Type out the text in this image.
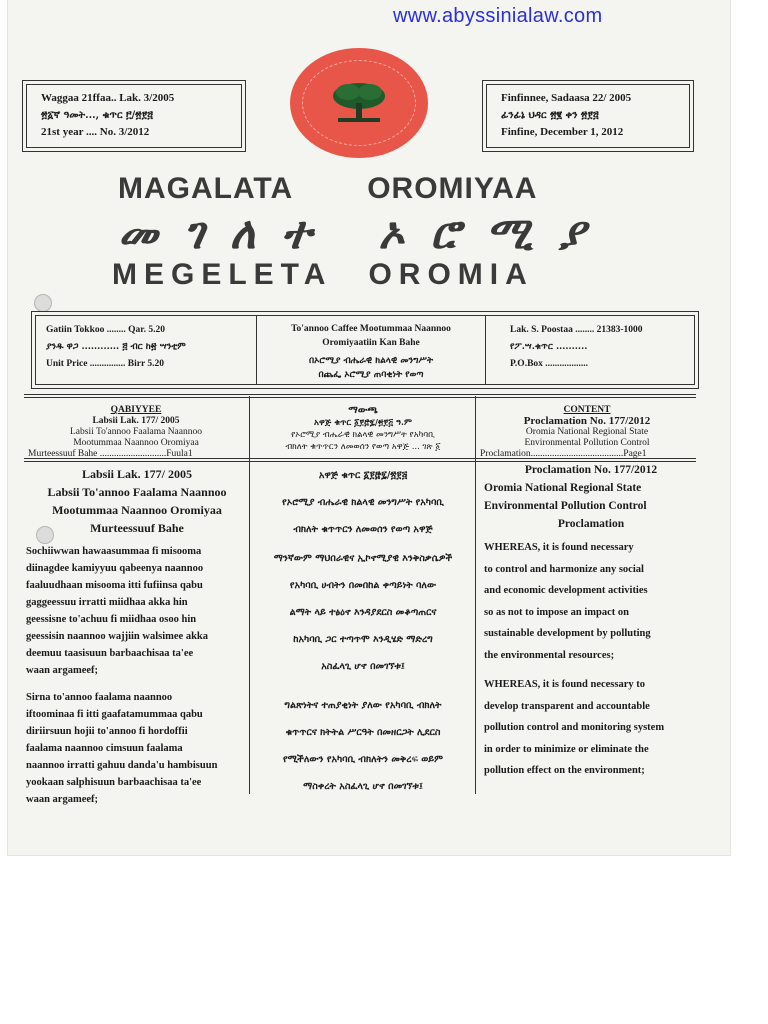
www.abyssinialaw.com
Waggaa 21ffaa.. Lak. 3/2005
፳፩ኛ ዓመት..., ቁጥር ፫/፳፻፭
21st year .... No. 3/2012
Finfinnee, Sadaasa 22/ 2005
ፊንፊኔ ህዳር ፳፪ ቀን ፳፻፭
Finfine, December 1, 2012
MAGALATA OROMIYAA
መገለተ ኦሮሚያ
MEGELETA OROMIA
Gatiin Tokkoo ........ Qar. 5.20
ያንዱ ዋጋ ............ ፭ ብር ከ፳ ሣንቲም
Unit Price ............... Birr 5.20
To'annoo Caffee Mootummaa Naannoo
Oromiyaatiin Kan Bahe
በኦሮሚያ ብሔራዊ ክልላዊ መንግሥት
በጨፌ ኦሮሚያ ጠባቂነት የወጣ
Lak. S. Poostaa ........ 21383-1000
የፖ.ሣ.ቁጥር ..........
P.O.Box ..................
QABIYYEE
Labsii Lak. 177/ 2005
Labsii To'annoo Faalama Naannoo
Mootummaa Naannoo Oromiyaa
Murteessuuf Bahe ............................Fuula1
ማውጫ
አዋጅ ቁጥር ፩፻፸፯/፳፻፭ ዓ.ም
የኦሮሚያ ብሔራዊ ክልላዊ መንግሥት የአካባቢ
ብክለት ቁጥጥርን ለመወሰን የወጣ አዋጅ ... ገጽ ፩
CONTENT
Proclamation No. 177/2012
Oromia National Regional State
Environmental Pollution Control
Proclamation.......................................Page1
Labsii Lak. 177/ 2005
Labsii To'annoo Faalama Naannoo
Mootummaa Naannoo Oromiyaa
Murteessuuf Bahe
Sochiiwwan hawaasummaa fi misooma
diinagdee kamiyyuu qabeenya naannoo
faaluudhaan misooma itti fufiinsa qabu
gaggeessuu irratti miidhaa akka hin
geessisne to'achuu fi miidhaa osoo hin
geessisin naannoo wajjiin walsimee akka
deemuu taasisuun barbaachisaa ta'ee
waan argameef;
Sirna to'annoo faalama naannoo
iftoominaa fi itti gaafatamummaa qabu
diriirsuun hojii to'annoo fi hordoffii
faalama naannoo cimsuun faalama
naannoo irratti gahuu danda'u hambisuun
yookaan salphisuun barbaachisaa ta'ee
waan argameef;
አዋጅ ቁጥር ፩፻፸፯/፳፻፭
የኦሮሚያ ብሔራዊ ክልላዊ መንግሥት የአካባቢ
ብክለት ቁጥጥርን ለመወሰን የወጣ አዋጅ
ማንኛውም ማህበራዊና ኢኮኖሚያዊ እንቅስቃሴዎች
የአካባቢ ሀብትን በመበከል ቀጣይነት ባለው
ልማት ላይ ተፅዕኖ እንዳያደርስ መቆጣጠርና
ከአካባቢ ጋር ተጣጥሞ እንዲሄድ ማድረግ
አስፈላጊ ሆኖ በመገኘቱ፤
ግልጽነትና ተጠያቂነት ያለው የአካባቢ ብክለት
ቁጥጥርና ክትትል ሥርዓት በመዘርጋት ሊደርስ
የሚችለውን የአካባቢ ብክለትን መቅረፍ ወይም
ማስቀረት አስፈላጊ ሆኖ በመገኘቱ፤
Proclamation No. 177/2012
Oromia National Regional State
Environmental Pollution Control
Proclamation
WHEREAS, it is found necessary
to control and harmonize any social
and economic development activities
so as not to impose an impact on
sustainable development by polluting
the environmental resources;
WHEREAS, it is found necessary to
develop transparent and accountable
pollution control and monitoring system
in order to minimize or eliminate the
pollution effect on the environment;
